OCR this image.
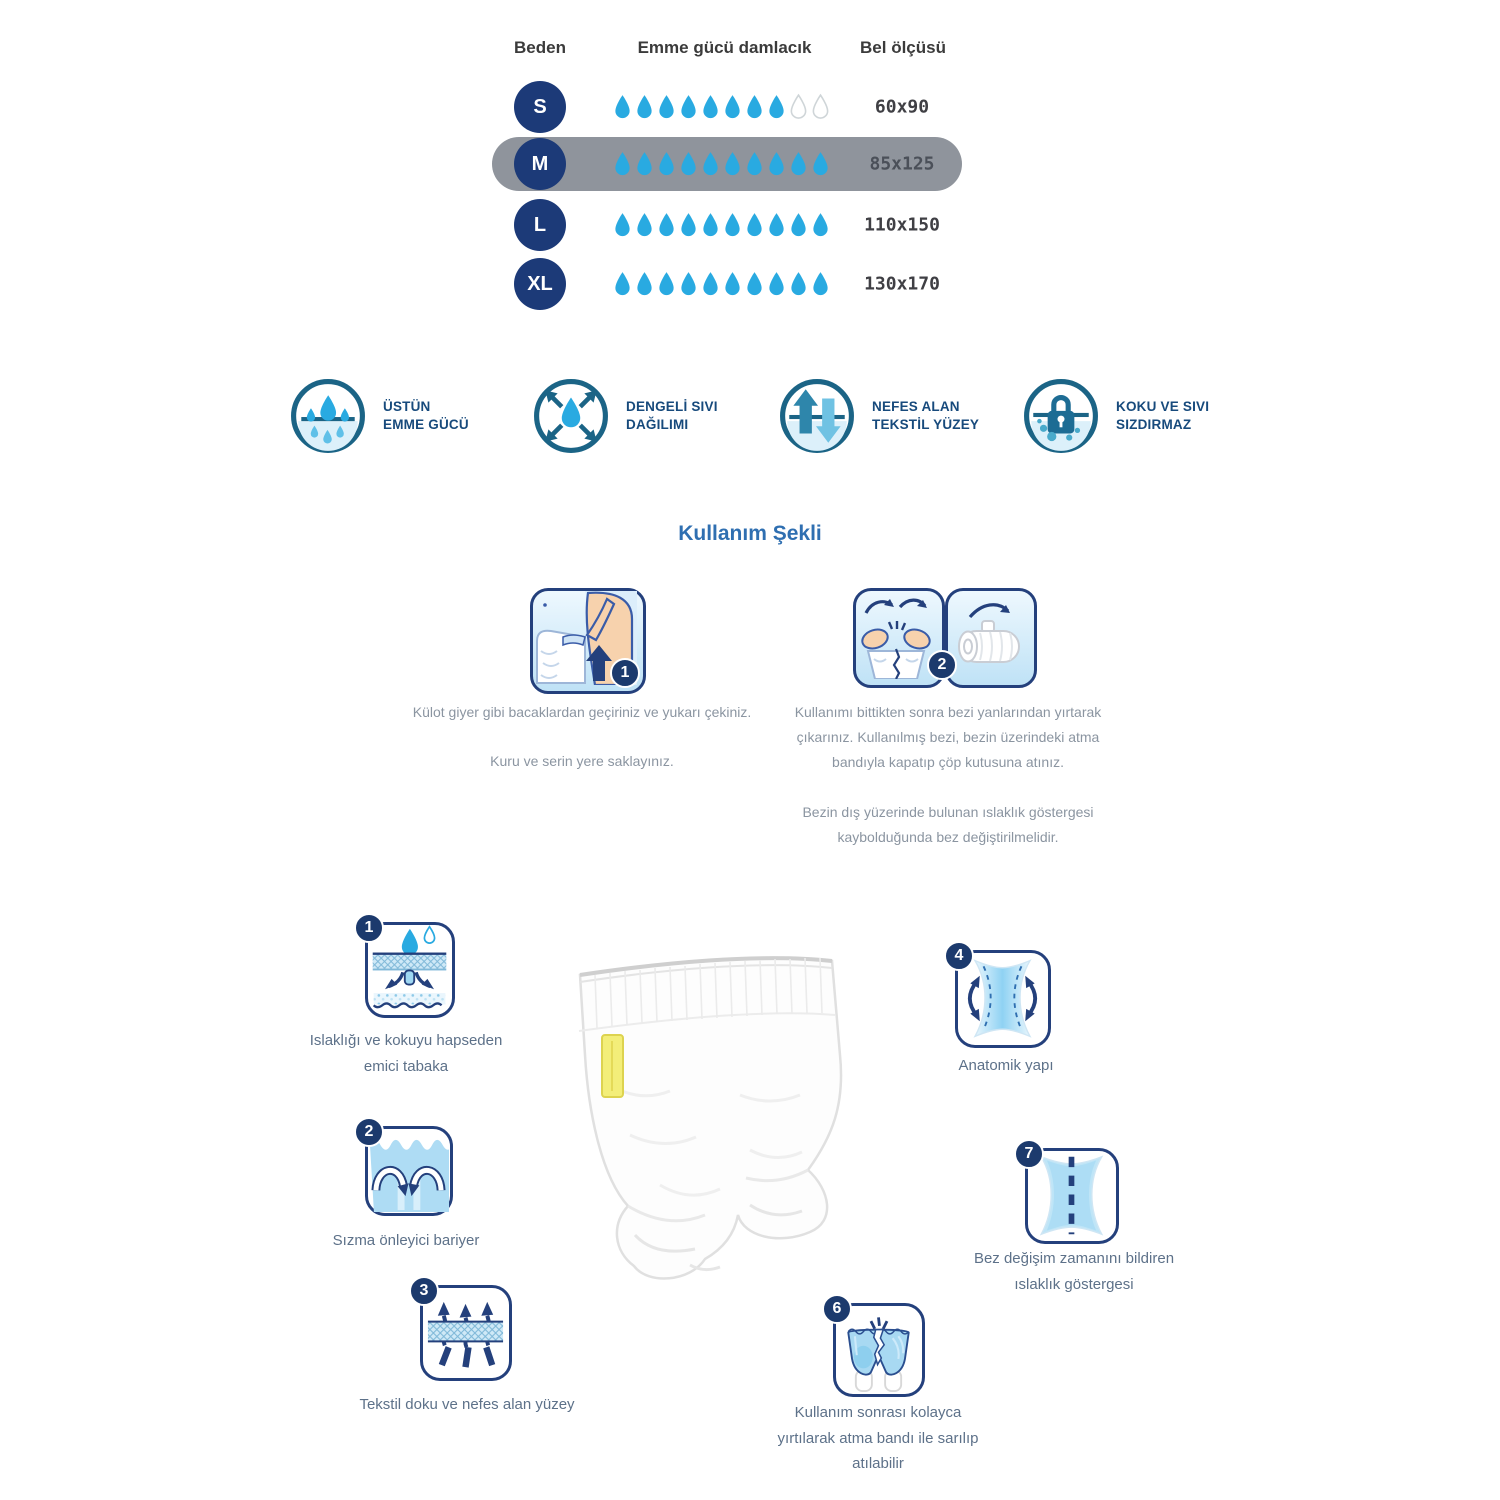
Beden	Emme gücü damlacık	Bel ölçüsü
S	60x90
M	85x125
L	110x150
XL	130x170
ÜSTÜN
EMME GÜCÜ
DENGELİ SIVI
DAĞILIMI
NEFES ALAN
TEKSTİL YÜZEY
KOKU VE SIVI
SIZDIRMAZ
Kullanım Şekli
1	2

Külot giyer gibi bacaklardan geçiriniz ve yukarı çekiniz.

Kuru ve serin yere saklayınız.

Kullanımı bittikten sonra bezi yanlarından yırtarak çıkarınız. Kullanılmış bezi, bezin üzerindeki atma bandıyla kapatıp çöp kutusuna atınız.

Bezin dış yüzerinde bulunan ıslaklık göstergesi kaybolduğunda bez değiştirilmelidir.

1
Islaklığı ve kokuyu hapseden emici tabaka
2
Sızma önleyici bariyer
3
Tekstil doku ve nefes alan yüzey
4
Anatomik yapı
7
Bez değişim zamanını bildiren ıslaklık göstergesi
6
Kullanım sonrası kolayca yırtılarak atma bandı ile sarılıp atılabilir
